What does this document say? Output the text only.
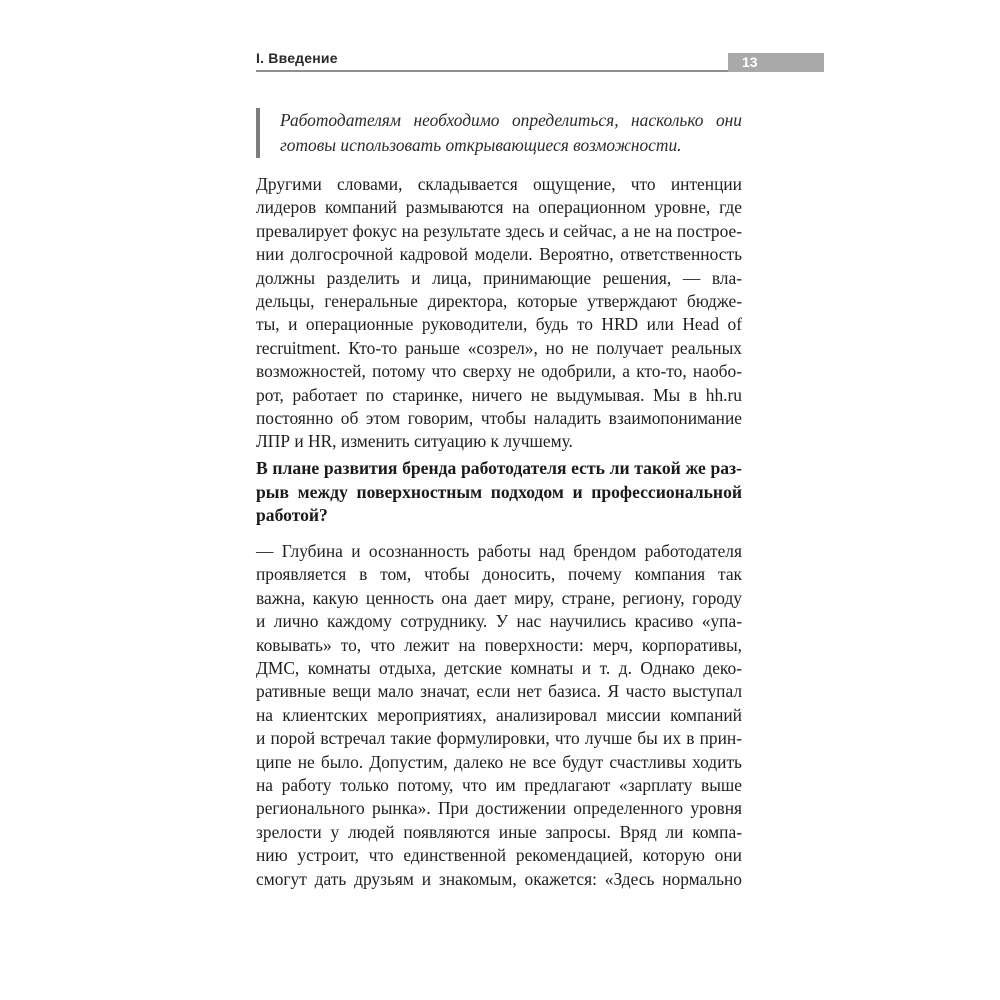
I. Введение	13
Работодателям необходимо определиться, насколько они
готовы использовать открывающиеся возможности.
Другими словами, складывается ощущение, что интенции
лидеров компаний размываются на операционном уровне, где
превалирует фокус на результате здесь и сейчас, а не на построе-
нии долгосрочной кадровой модели. Вероятно, ответственность
должны разделить и лица, принимающие решения, — вла-
дельцы, генеральные директора, которые утверждают бюдже-
ты, и операционные руководители, будь то HRD или Head of
recruitment. Кто-то раньше «созрел», но не получает реальных
возможностей, потому что сверху не одобрили, а кто-то, наобо-
рот, работает по старинке, ничего не выдумывая. Мы в hh.ru
постоянно об этом говорим, чтобы наладить взаимопонимание
ЛПР и HR, изменить ситуацию к лучшему.
В плане развития бренда работодателя есть ли такой же раз-
рыв между поверхностным подходом и профессиональной
работой?
— Глубина и осознанность работы над брендом работодателя
проявляется в том, чтобы доносить, почему компания так
важна, какую ценность она дает миру, стране, региону, городу
и лично каждому сотруднику. У нас научились красиво «упа-
ковывать» то, что лежит на поверхности: мерч, корпоративы,
ДМС, комнаты отдыха, детские комнаты и т. д. Однако деко-
ративные вещи мало значат, если нет базиса. Я часто выступал
на клиентских мероприятиях, анализировал миссии компаний
и порой встречал такие формулировки, что лучше бы их в прин-
ципе не было. Допустим, далеко не все будут счастливы ходить
на работу только потому, что им предлагают «зарплату выше
регионального рынка». При достижении определенного уровня
зрелости у людей появляются иные запросы. Вряд ли компа-
нию устроит, что единственной рекомендацией, которую они
смогут дать друзьям и знакомым, окажется: «Здесь нормально
